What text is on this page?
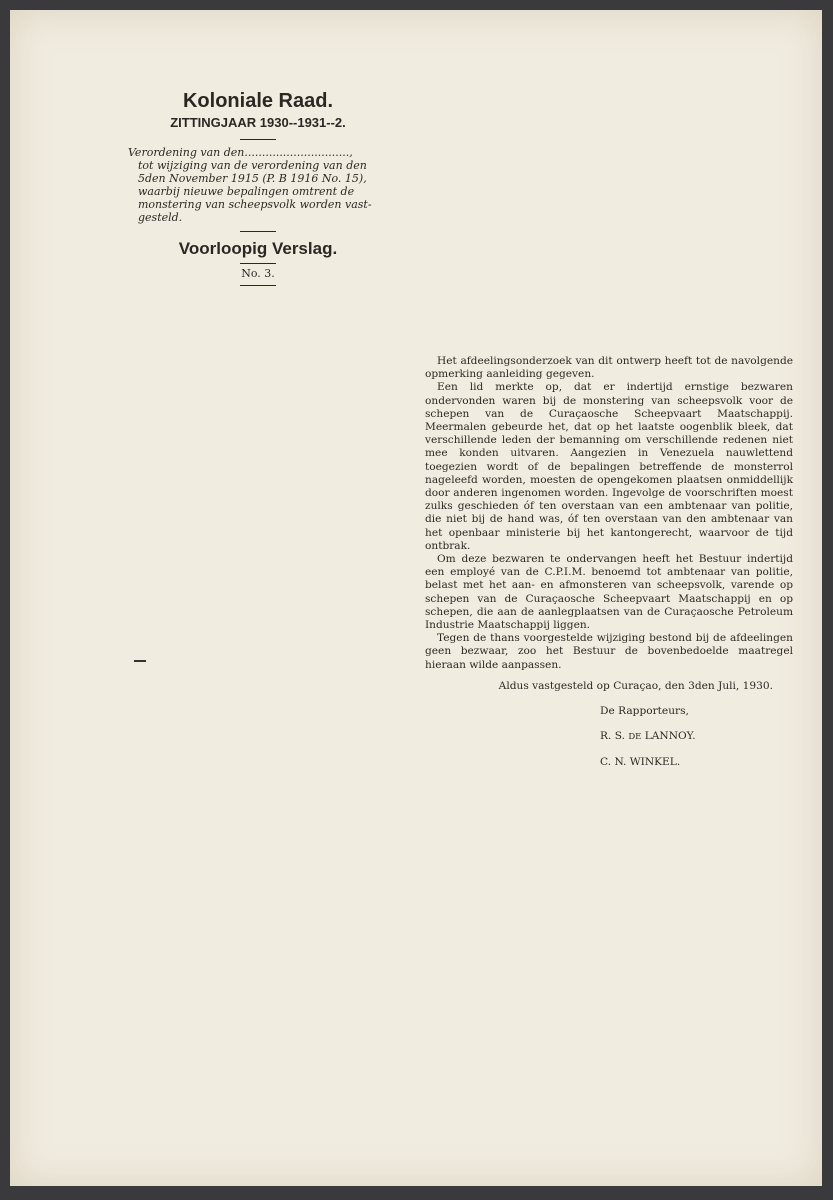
Koloniale Raad.

ZITTINGJAAR 1930--1931--2.

Verordening van den..............................,
tot wijziging van de verordening van den
5den November 1915 (P. B 1916 No. 15),
waarbij nieuwe bepalingen omtrent de
monstering van scheepsvolk worden vast-
gesteld.

Voorloopig Verslag.

No. 3.

Het afdeelingsonderzoek van dit ontwerp heeft tot de navolgende opmerking aanleiding gegeven.

Een lid merkte op, dat er indertijd ernstige bezwaren ondervonden waren bij de monstering van scheepsvolk voor de schepen van de Curaçaosche Scheepvaart Maatschappij. Meermalen gebeurde het, dat op het laatste oogenblik bleek, dat verschillende leden der bemanning om verschillende redenen niet mee konden uitvaren. Aangezien in Venezuela nauwlettend toegezien wordt of de bepalingen betreffende de monsterrol nageleefd worden, moesten de opengekomen plaatsen onmiddellijk door anderen ingenomen worden. Ingevolge de voorschriften moest zulks geschieden óf ten overstaan van een ambtenaar van politie, die niet bij de hand was, óf ten overstaan van den ambtenaar van het openbaar ministerie bij het kantongerecht, waarvoor de tijd ontbrak.

Om deze bezwaren te ondervangen heeft het Bestuur indertijd een employé van de C.P.I.M. benoemd tot ambtenaar van politie, belast met het aan- en afmonsteren van scheepsvolk, varende op schepen van de Curaçaosche Scheepvaart Maatschappij en op schepen, die aan de aanlegplaatsen van de Curaçaosche Petroleum Industrie Maatschappij liggen.

Tegen de thans voorgestelde wijziging bestond bij de afdeelingen geen bezwaar, zoo het Bestuur de bovenbedoelde maatregel hieraan wilde aanpassen.

Aldus vastgesteld op Curaçao, den 3den Juli, 1930.

De Rapporteurs,

R. S. DE LANNOY.

C. N. WINKEL.
